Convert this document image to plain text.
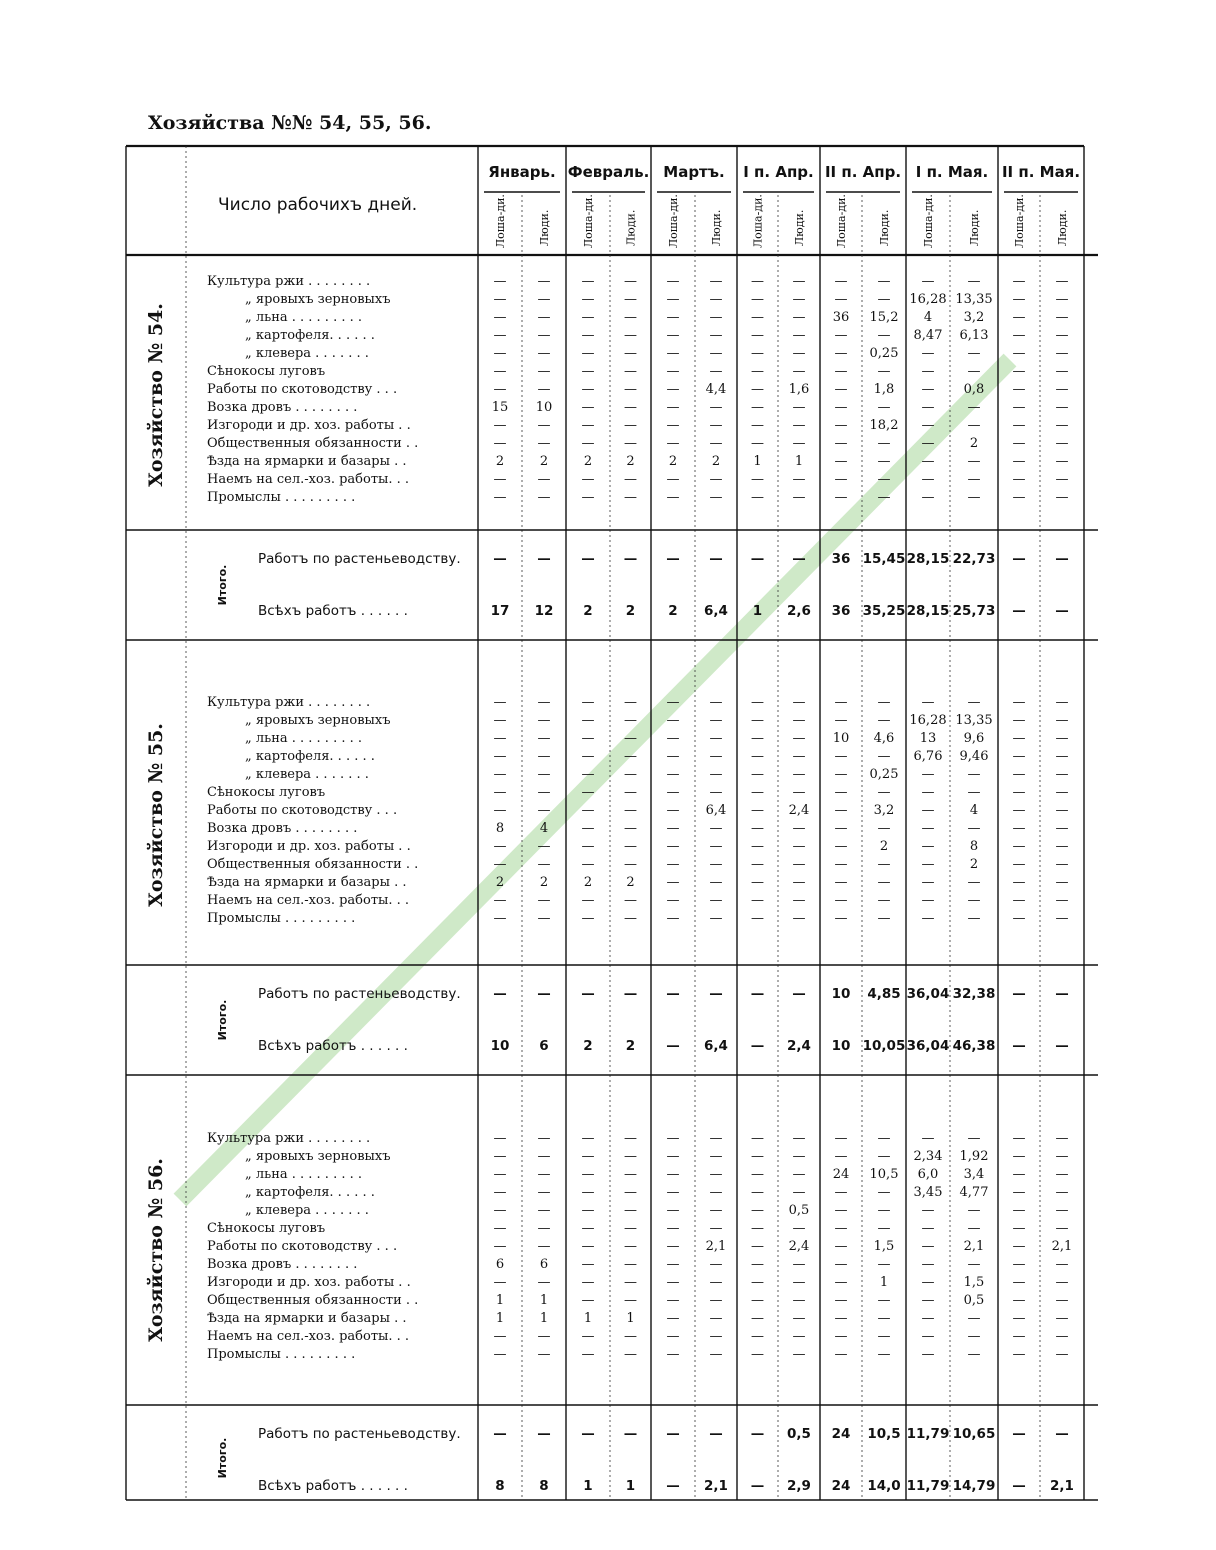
Хозяйства №№ 54, 55, 56.
Число рабочихъ дней.
Январь.
Лоша-ди.	Люди.
Февраль.
Лоша-ди.	Люди.
Мартъ.
Лоша-ди.	Люди.
I п. Апр.
Лоша-ди.	Люди.
II п. Апр.
Лоша-ди.	Люди.
I п. Мая.
Лоша-ди.	Люди.
II п. Мая.
Лоша-ди.	Люди.
Хозяйство № 54.
Культура ржи . . . . . . . .	— — — — — — — — — — —	— — —
„ яровыхъ зерновыхъ	— — — — — — — — — — 16,28 13,35 — —
„ льна . . . . . . . . .	— — — — — — — — 36 15,2 4 3,2 — —
„ картофеля. . . . . .	— — — — — — — — — — 8,47 6,13 — —
„ клевера . . . . . . .	— — — — — — — — — 0,25 —	— — —
Сѣнокосы луговъ	— — — — — — — — — — —	— — —
Работы по скотоводству . . .	— — — — — 4,4 — 1,6 — 1,8 — 0,8 — —
Возка дровъ . . . . . . . .	15 10 — — — — — — — — —	— — —
Изгороди и др. хоз. работы . .	— — — — — — — — — 18,2 —	— — —
Общественныя обязанности . .	— — — — — — — — — — —	2	— —
Ѣзда на ярмарки и базары . .	2	2	2	2	2	2	1	1 — — —	— — —
Наемъ на сел.-хоз. работы. . .	— — — — — — — — — — —	— — —
Промыслы . . . . . . . . .	— — — — — — — — — — —	— — —
Итого.
Работъ по растеньеводству.
Всѣхъ работъ . . . . . .
— — — — — — — — 36 15,45 28,15 22,73 — —
17 12 2 2 2 6,4 1 2,6 36 35,25 28,15 25,73 — —
Хозяйство № 55.
Культура ржи . . . . . . . .	— — — — — — — — — — —	— — —
„ яровыхъ зерновыхъ	— — — — — — — — — — 16,28 13,35 — —
„ льна . . . . . . . . .	— — — — — — — — 10 4,6 13 9,6 — —
„ картофеля. . . . . .	— — — — — — — — — — 6,76 9,46 — —
„ клевера . . . . . . .	— — — — — — — — — 0,25 —	— — —
Сѣнокосы луговъ	— — — — — — — — — — —	— — —
Работы по скотоводству . . .	— — — — — 6,4 — 2,4 — 3,2 —	4	— —
Возка дровъ . . . . . . . .	8	4	— — — — — — — — —	— — —
Изгороди и др. хоз. работы . .	— — — — — — — — — 2	—	8	— —
Общественныя обязанности . .	— — — — — — — — — — —	2	— —
Ѣзда на ярмарки и базары . .	2	2	2	2 — — — — — — —	— — —
Наемъ на сел.-хоз. работы. . .	— — — — — — — — — — —	— — —
Промыслы . . . . . . . . .	— — — — — — — — — — —	— — —
Итого.
Работъ по растеньеводству.
Всѣхъ работъ . . . . . .
— — — — — — — — 10 4,85 36,04 32,38 — —
10 6	2 2 — 6,4 — 2,4 10 10,05 36,04 46,38 — —
Хозяйство № 56.
Культура ржи . . . . . . . .	— — — — — — — — — — —	— — —
„ яровыхъ зерновыхъ	— — — — — — — — — — 2,34 1,92 — —
„ льна . . . . . . . . .	— — — — — — — — 24 10,5 6,0 3,4 — —
„ картофеля. . . . . .	— — — — — — — — — — 3,45 4,77 — —
„ клевера . . . . . . .	— — — — — — — 0,5 — — —	— — —
Сѣнокосы луговъ	— — — — — — — — — — —	— — —
Работы по скотоводству . . .	— — — — — 2,1 — 2,4 — 1,5 — 2,1 — 2,1
Возка дровъ . . . . . . . .	6	6	— — — — — — — — —	— — —
Изгороди и др. хоз. работы . .	— — — — — — — — — 1	— 1,5 — —
Общественныя обязанности . .	1	1	— — — — — — — — — 0,5 — —
Ѣзда на ярмарки и базары . .	1	1	1	1 — — — — — — —	— — —
Наемъ на сел.-хоз. работы. . .	— — — — — — — — — — —	— — —
Промыслы . . . . . . . . .	— — — — — — — — — — —	— — —
Итого.
Работъ по растеньеводству.
Всѣхъ работъ . . . . . .
— — — — — — — 0,5 24 10,5 11,79 10,65 — —
8	8	1 1 — 2,1 — 2,9 24 14,0 11,79 14,79 — 2,1
